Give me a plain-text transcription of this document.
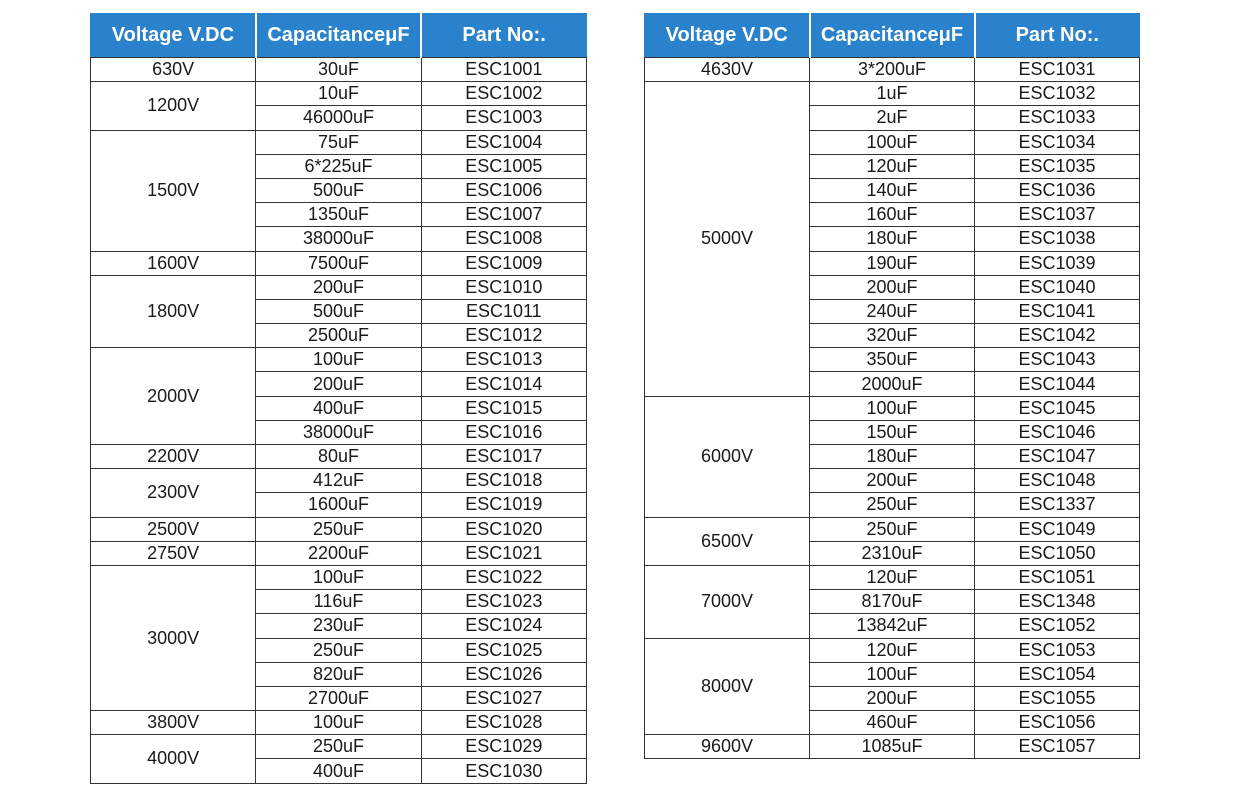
Voltage V.DC	CapacitanceμF	Part No:.
630V	30uF	ESC1001
1200V	10uF	ESC1002
	46000uF	ESC1003
1500V	75uF	ESC1004
	6*225uF	ESC1005
	500uF	ESC1006
	1350uF	ESC1007
	38000uF	ESC1008
1600V	7500uF	ESC1009
1800V	200uF	ESC1010
	500uF	ESC1011
	2500uF	ESC1012
2000V	100uF	ESC1013
	200uF	ESC1014
	400uF	ESC1015
	38000uF	ESC1016
2200V	80uF	ESC1017
2300V	412uF	ESC1018
	1600uF	ESC1019
2500V	250uF	ESC1020
2750V	2200uF	ESC1021
3000V	100uF	ESC1022
	116uF	ESC1023
	230uF	ESC1024
	250uF	ESC1025
	820uF	ESC1026
	2700uF	ESC1027
3800V	100uF	ESC1028
4000V	250uF	ESC1029
	400uF	ESC1030
Voltage V.DC	CapacitanceμF	Part No:.
4630V	3*200uF	ESC1031
5000V	1uF	ESC1032
	2uF	ESC1033
	100uF	ESC1034
	120uF	ESC1035
	140uF	ESC1036
	160uF	ESC1037
	180uF	ESC1038
	190uF	ESC1039
	200uF	ESC1040
	240uF	ESC1041
	320uF	ESC1042
	350uF	ESC1043
	2000uF	ESC1044
6000V	100uF	ESC1045
	150uF	ESC1046
	180uF	ESC1047
	200uF	ESC1048
	250uF	ESC1337
6500V	250uF	ESC1049
	2310uF	ESC1050
7000V	120uF	ESC1051
	8170uF	ESC1348
	13842uF	ESC1052
8000V	120uF	ESC1053
	100uF	ESC1054
	200uF	ESC1055
	460uF	ESC1056
9600V	1085uF	ESC1057
